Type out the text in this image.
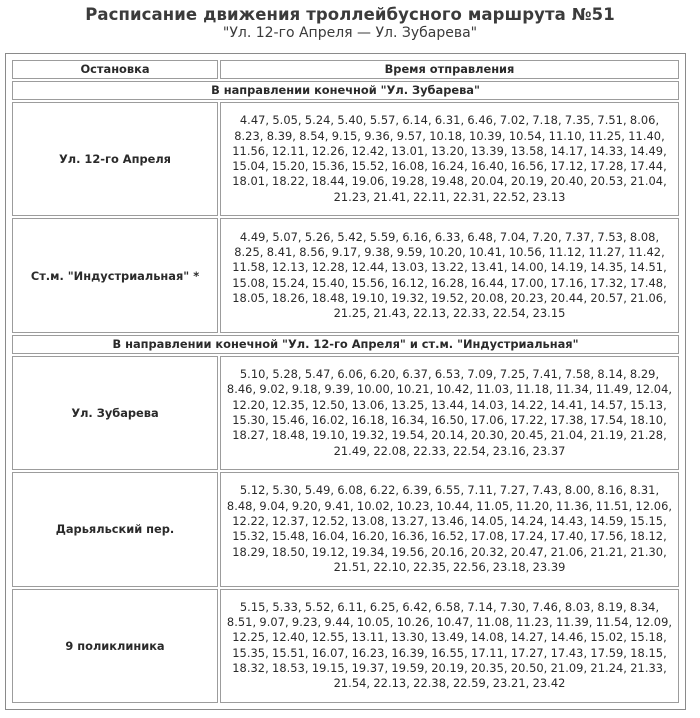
Расписание движения троллейбусного маршрута №51
"Ул. 12-го Апреля — Ул. Зубарева"
Остановка	Время отправления
В направлении конечной "Ул. Зубарева"	
Ул. 12-го Апреля	4.47, 5.05, 5.24, 5.40, 5.57, 6.14, 6.31, 6.46, 7.02, 7.18, 7.35, 7.51, 8.06, 8.23, 8.39, 8.54, 9.15, 9.36, 9.57, 10.18, 10.39, 10.54, 11.10, 11.25, 11.40, 11.56, 12.11, 12.26, 12.42, 13.01, 13.20, 13.39, 13.58, 14.17, 14.33, 14.49, 15.04, 15.20, 15.36, 15.52, 16.08, 16.24, 16.40, 16.56, 17.12, 17.28, 17.44, 18.01, 18.22, 18.44, 19.06, 19.28, 19.48, 20.04, 20.19, 20.40, 20.53, 21.04, 21.23, 21.41, 22.11, 22.31, 22.52, 23.13
Ст.м. "Индустриальная" *	4.49, 5.07, 5.26, 5.42, 5.59, 6.16, 6.33, 6.48, 7.04, 7.20, 7.37, 7.53, 8.08, 8.25, 8.41, 8.56, 9.17, 9.38, 9.59, 10.20, 10.41, 10.56, 11.12, 11.27, 11.42, 11.58, 12.13, 12.28, 12.44, 13.03, 13.22, 13.41, 14.00, 14.19, 14.35, 14.51, 15.08, 15.24, 15.40, 15.56, 16.12, 16.28, 16.44, 17.00, 17.16, 17.32, 17.48, 18.05, 18.26, 18.48, 19.10, 19.32, 19.52, 20.08, 20.23, 20.44, 20.57, 21.06, 21.25, 21.43, 22.13, 22.33, 22.54, 23.15
В направлении конечной "Ул. 12-го Апреля" и ст.м. "Индустриальная"	
Ул. Зубарева	5.10, 5.28, 5.47, 6.06, 6.20, 6.37, 6.53, 7.09, 7.25, 7.41, 7.58, 8.14, 8.29, 8.46, 9.02, 9.18, 9.39, 10.00, 10.21, 10.42, 11.03, 11.18, 11.34, 11.49, 12.04, 12.20, 12.35, 12.50, 13.06, 13.25, 13.44, 14.03, 14.22, 14.41, 14.57, 15.13, 15.30, 15.46, 16.02, 16.18, 16.34, 16.50, 17.06, 17.22, 17.38, 17.54, 18.10, 18.27, 18.48, 19.10, 19.32, 19.54, 20.14, 20.30, 20.45, 21.04, 21.19, 21.28, 21.49, 22.08, 22.33, 22.54, 23.16, 23.37
Дарьяльский пер.	5.12, 5.30, 5.49, 6.08, 6.22, 6.39, 6.55, 7.11, 7.27, 7.43, 8.00, 8.16, 8.31, 8.48, 9.04, 9.20, 9.41, 10.02, 10.23, 10.44, 11.05, 11.20, 11.36, 11.51, 12.06, 12.22, 12.37, 12.52, 13.08, 13.27, 13.46, 14.05, 14.24, 14.43, 14.59, 15.15, 15.32, 15.48, 16.04, 16.20, 16.36, 16.52, 17.08, 17.24, 17.40, 17.56, 18.12, 18.29, 18.50, 19.12, 19.34, 19.56, 20.16, 20.32, 20.47, 21.06, 21.21, 21.30, 21.51, 22.10, 22.35, 22.56, 23.18, 23.39
9 поликлиника	5.15, 5.33, 5.52, 6.11, 6.25, 6.42, 6.58, 7.14, 7.30, 7.46, 8.03, 8.19, 8.34, 8.51, 9.07, 9.23, 9.44, 10.05, 10.26, 10.47, 11.08, 11.23, 11.39, 11.54, 12.09, 12.25, 12.40, 12.55, 13.11, 13.30, 13.49, 14.08, 14.27, 14.46, 15.02, 15.18, 15.35, 15.51, 16.07, 16.23, 16.39, 16.55, 17.11, 17.27, 17.43, 17.59, 18.15, 18.32, 18.53, 19.15, 19.37, 19.59, 20.19, 20.35, 20.50, 21.09, 21.24, 21.33, 21.54, 22.13, 22.38, 22.59, 23.21, 23.42
